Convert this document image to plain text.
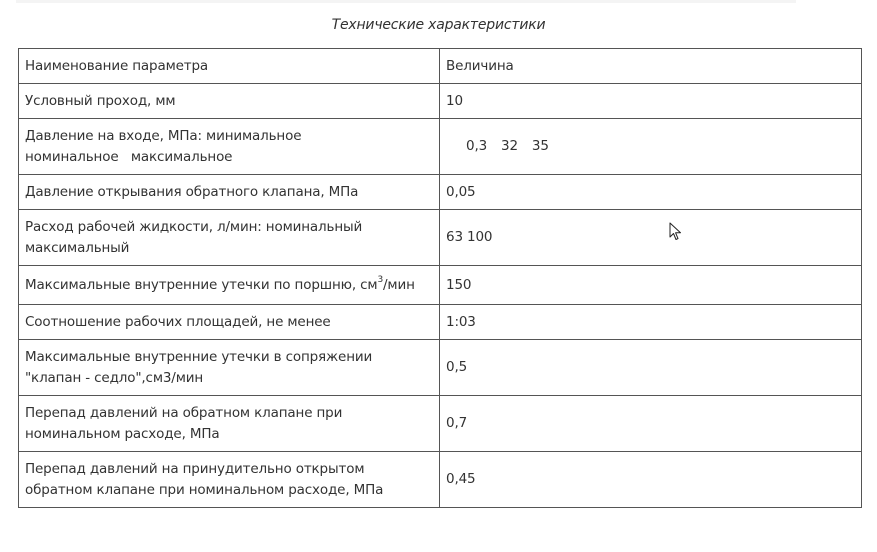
Технические характеристики
Наименование параметра	Величина
Условный проход, мм	10

Давление на входе, МПа: минимальное
номинальное   максимальное	0,3 32 35
Давление открывания обратного клапана, МПа	0,05

Расход рабочей жидкости, л/мин: номинальный
максимальный	63 100
Максимальные внутренние утечки по поршню, $см^3$/мин	150
Соотношение рабочих площадей, не менее	1:03

Максимальные внутренние утечки в сопряжении
"клапан - седло",см3/мин	0,5

Перепад давлений на обратном клапане при
номинальном расходе, МПа	0,7

Перепад давлений на принудительно открытом
обратном клапане при номинальном расходе, МПа	0,45
